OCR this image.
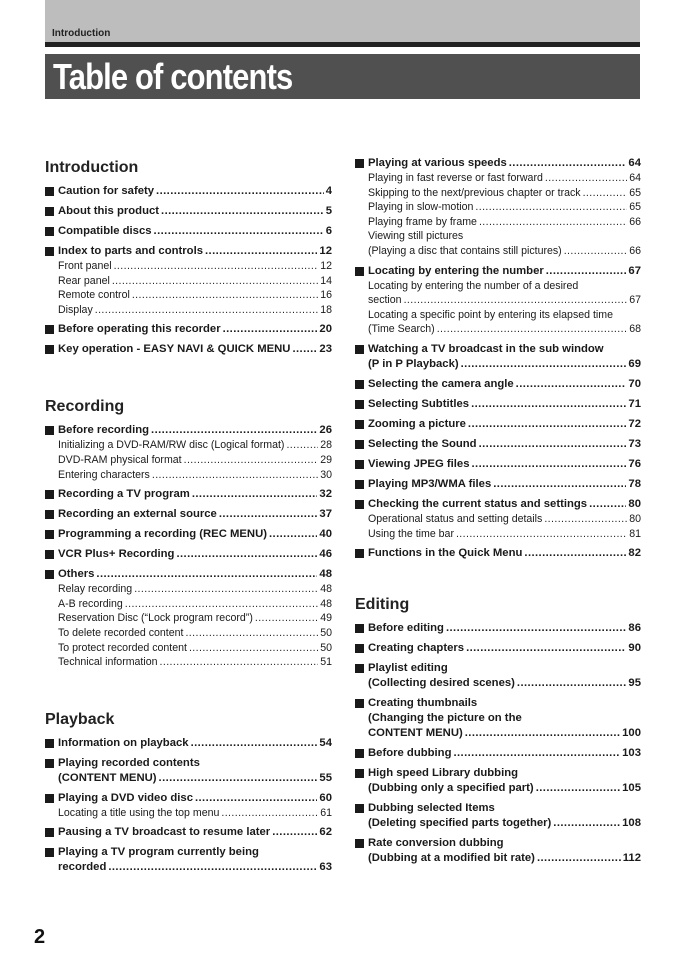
Introduction
Table of contents
Introduction
Caution for safety .....	4
About this product .....	5
Compatible discs .....	6
Index to parts and controls .....	12
Front panel .....	12
Rear panel .....	14
Remote control .....	16
Display .....	18
Before operating this recorder .....	20
Key operation - EASY NAVI & QUICK MENU .....	23
Recording
Before recording .....	26
Initializing a DVD-RAM/RW disc (Logical format) .....	28
DVD-RAM physical format .....	29
Entering characters .....	30
Recording a TV program .....	32
Recording an external source .....	37
Programming a recording (REC MENU) .....	40
VCR Plus+ Recording .....	46
Others .....	48
Relay recording .....	48
A-B recording .....	48
Reservation Disc (“Lock program record”) .....	49
To delete recorded content .....	50
To protect recorded content .....	50
Technical information .....	51
Playback
Information on playback .....	54
Playing recorded contents
(CONTENT MENU) .....	55
Playing a DVD video disc .....	60
Locating a title using the top menu .....	61
Pausing a TV broadcast to resume later .....	62
Playing a TV program currently being
recorded .....	63
Playing at various speeds .....	64
Playing in fast reverse or fast forward .....	64
Skipping to the next/previous chapter or track .....	65
Playing in slow-motion .....	65
Playing frame by frame .....	66
Viewing still pictures
(Playing a disc that contains still pictures) .....	66
Locating by entering the number .....	67
Locating by entering the number of a desired
section .....	67
Locating a specific point by entering its elapsed time
(Time Search) .....	68
Watching a TV broadcast in the sub window
(P in P Playback) .....	69
Selecting the camera angle .....	70
Selecting Subtitles .....	71
Zooming a picture .....	72
Selecting the Sound .....	73
Viewing JPEG files .....	76
Playing MP3/WMA files .....	78
Checking the current status and settings .....	80
Operational status and setting details .....	80
Using the time bar .....	81
Functions in the Quick Menu .....	82
Editing
Before editing .....	86
Creating chapters .....	90
Playlist editing
(Collecting desired scenes) .....	95
Creating thumbnails
(Changing the picture on the
CONTENT MENU) .....	100
Before dubbing .....	103
High speed Library dubbing
(Dubbing only a specified part) .....	105
Dubbing selected Items
(Deleting specified parts together) .....	108
Rate conversion dubbing
(Dubbing at a modified bit rate) .....	112
2
